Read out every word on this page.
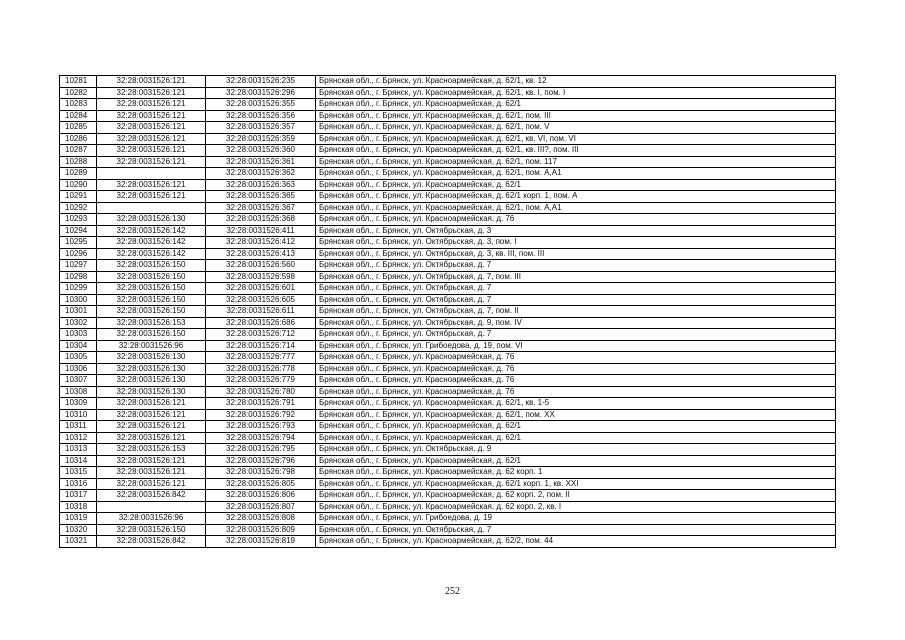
10281	32:28:0031526:121	32:28:0031526:235	Брянская обл., г. Брянск, ул. Красноармейская, д. 62/1, кв. 12
10282	32:28:0031526:121	32:28:0031526:296	Брянская обл., г. Брянск, ул. Красноармейская, д. 62/1, кв. I, пом. I
10283	32:28:0031526:121	32:28:0031526:355	Брянская обл., г. Брянск, ул. Красноармейская, д. 62/1
10284	32:28:0031526:121	32:28:0031526:356	Брянская обл., г. Брянск, ул. Красноармейская, д. 62/1, пом. III
10285	32:28:0031526:121	32:28:0031526:357	Брянская обл., г. Брянск, ул. Красноармейская, д. 62/1, пом. V
10286	32:28:0031526:121	32:28:0031526:359	Брянская обл., г. Брянск, ул. Красноармейская, д. 62/1, кв. VI, пом. VI
10287	32:28:0031526:121	32:28:0031526:360	Брянская обл., г. Брянск, ул. Красноармейская, д. 62/1, кв. III?, пом. III
10288	32:28:0031526:121	32:28:0031526:361	Брянская обл., г. Брянск, ул. Красноармейская, д. 62/1, пом. 117
10289		32:28:0031526:362	Брянская обл., г. Брянск, ул. Красноармейская, д. 62/1, пом. А,А1
10290	32:28:0031526:121	32:28:0031526:363	Брянская обл., г. Брянск, ул. Красноармейская, д. 62/1
10291	32:28:0031526:121	32:28:0031526:365	Брянская обл., г. Брянск, ул. Красноармейская, д. 62/1 корп. 1, пом. А
10292		32:28:0031526:367	Брянская обл., г. Брянск, ул. Красноармейская, д. 62/1, пом. А,А1
10293	32:28:0031526:130	32:28:0031526:368	Брянская обл., г. Брянск, ул. Красноармейская, д. 76
10294	32:28:0031526:142	32:28:0031526:411	Брянская обл., г. Брянск, ул. Октябрьская, д. 3
10295	32:28:0031526:142	32:28:0031526:412	Брянская обл., г. Брянск, ул. Октябрьская, д. 3, пом. I
10296	32:28:0031526:142	32:28:0031526:413	Брянская обл., г. Брянск, ул. Октябрьская, д. 3, кв. III, пом. III
10297	32:28:0031526:150	32:28:0031526:560	Брянская обл., г. Брянск, ул. Октябрьская, д. 7
10298	32:28:0031526:150	32:28:0031526:598	Брянская обл., г. Брянск, ул. Октябрьская, д. 7, пом. III
10299	32:28:0031526:150	32:28:0031526:601	Брянская обл., г. Брянск, ул. Октябрьская, д. 7
10300	32:28:0031526:150	32:28:0031526:605	Брянская обл., г. Брянск, ул. Октябрьская, д. 7
10301	32:28:0031526:150	32:28:0031526:611	Брянская обл., г. Брянск, ул. Октябрьская, д. 7, пом. II
10302	32:28:0031526:153	32:28:0031526:686	Брянская обл., г. Брянск, ул. Октябрьская, д. 9, пом. IV
10303	32:28:0031526:150	32:28:0031526:712	Брянская обл., г. Брянск, ул. Октябрьская, д. 7
10304	32:28:0031526:96	32:28:0031526:714	Брянская обл., г. Брянск, ул. Грибоедова, д. 19, пом. VI
10305	32:28:0031526:130	32:28:0031526:777	Брянская обл., г. Брянск, ул. Красноармейская, д. 76
10306	32:28:0031526:130	32:28:0031526:778	Брянская обл., г. Брянск, ул. Красноармейская, д. 76
10307	32:28:0031526:130	32:28:0031526:779	Брянская обл., г. Брянск, ул. Красноармейская, д. 76
10308	32:28:0031526:130	32:28:0031526:780	Брянская обл., г. Брянск, ул. Красноармейская, д. 76
10309	32:28:0031526:121	32:28:0031526:791	Брянская обл., г. Брянск, ул. Красноармейская, д. 62/1, кв. 1-5
10310	32:28:0031526:121	32:28:0031526:792	Брянская обл., г. Брянск, ул. Красноармейская, д. 62/1, пом. XX
10311	32:28:0031526:121	32:28:0031526:793	Брянская обл., г. Брянск, ул. Красноармейская, д. 62/1
10312	32:28:0031526:121	32:28:0031526:794	Брянская обл., г. Брянск, ул. Красноармейская, д. 62/1
10313	32:28:0031526:153	32:28:0031526:795	Брянская обл., г. Брянск, ул. Октябрьская, д. 9
10314	32:28:0031526:121	32:28:0031526:796	Брянская обл., г. Брянск, ул. Красноармейская, д. 62/1
10315	32:28:0031526:121	32:28:0031526:798	Брянская обл., г. Брянск, ул. Красноармейская, д. 62 корп. 1
10316	32:28:0031526:121	32:28:0031526:805	Брянская обл., г. Брянск, ул. Красноармейская, д. 62/1 корп. 1, кв. XXI
10317	32:28:0031526:842	32:28:0031526:806	Брянская обл., г. Брянск, ул. Красноармейская, д. 62 корп. 2, пом. II
10318		32:28:0031526:807	Брянская обл., г. Брянск, ул. Красноармейская, д. 62 корп. 2, кв. I
10319	32:28:0031526:96	32:28:0031526:808	Брянская обл., г. Брянск, ул. Грибоедова, д. 19
10320	32:28:0031526:150	32:28:0031526:809	Брянская обл., г. Брянск, ул. Октябрьская, д. 7
10321	32:28:0031526:842	32:28:0031526:819	Брянская обл., г. Брянск, ул. Красноармейская, д. 62/2, пом. 44
252
